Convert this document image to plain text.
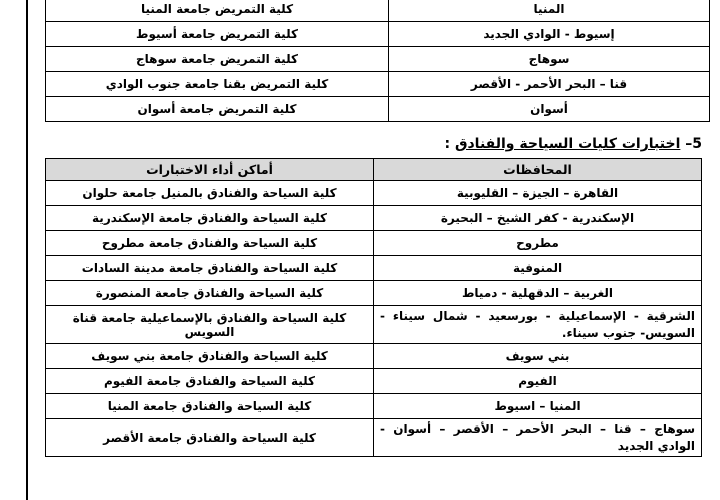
المنيا	كلية التمريض جامعة المنيا
إسيوط - الوادي الجديد	كلية التمريض جامعة أسيوط
سوهاج	كلية التمريض جامعة سوهاج
قنا – البحر الأحمر - الأقصر	كلية التمريض بقنا جامعة جنوب الوادي
أسوان	كلية التمريض جامعة أسوان
5– اختبارات كليات السياحة والفنادق :
المحافظات	أماكن أداء الاختبارات
القاهرة – الجيزة – القليوبية	كلية السياحة والفنادق بالمنيل جامعة حلوان
الإسكندرية - كفر الشيخ – البحيرة	كلية السياحة والفنادق جامعة الإسكندرية
مطروح	كلية السياحة والفنادق جامعة مطروح
المنوفية	كلية السياحة والفنادق جامعة مدينة السادات
الغربية – الدقهلية - دمياط	كلية السياحة والفنادق جامعة المنصورة
الشرقية - الإسماعيلية - بورسعيد - شمال سيناء - السويس- جنوب سيناء.	كلية السياحة والفنادق بالإسماعيلية جامعة قناة السويس
بني سويف	كلية السياحة والفنادق جامعة بني سويف
الفيوم	كلية السياحة والفنادق جامعة الفيوم
المنيا – اسيوط	كلية السياحة والفنادق جامعة المنيا
سوهاج – قنا – البحر الأحمر – الأقصر – أسوان - الوادي الجديد	كلية السياحة والفنادق جامعة الأقصر
